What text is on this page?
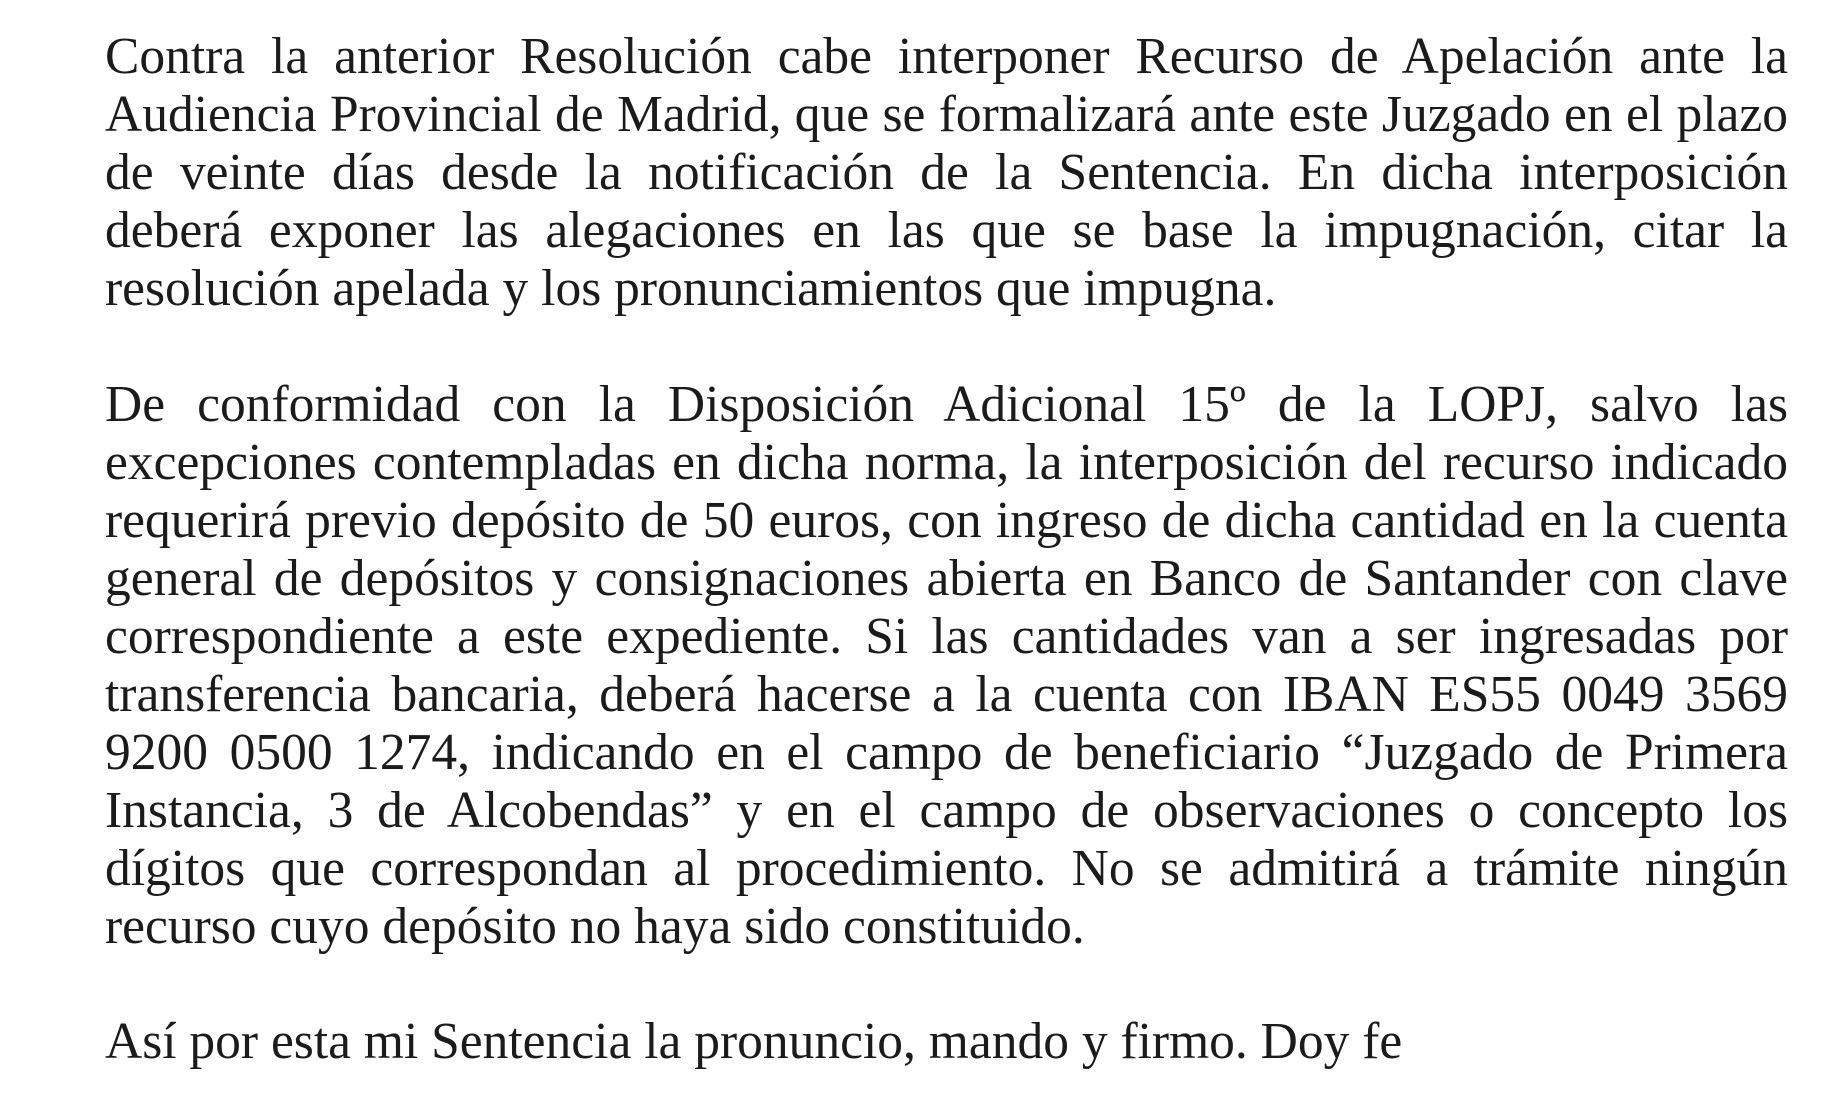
Contra la anterior Resolución cabe interponer Recurso de Apelación ante la Audiencia Provincial de Madrid, que se formalizará ante este Juzgado en el plazo de veinte días desde la notificación de la Sentencia. En dicha interposición deberá exponer las alegaciones en las que se base la impugnación, citar la resolución apelada y los pronunciamientos que impugna.

De conformidad con la Disposición Adicional 15º de la LOPJ, salvo las excepciones contempladas en dicha norma, la interposición del recurso indicado requerirá previo depósito de 50 euros, con ingreso de dicha cantidad en la cuenta general de depósitos y consignaciones abierta en Banco de Santander con clave correspondiente a este expediente. Si las cantidades van a ser ingresadas por transferencia bancaria, deberá hacerse a la cuenta con IBAN ES55 0049 3569 9200 0500 1274, indicando en el campo de beneficiario “Juzgado de Primera Instancia, 3 de Alcobendas” y en el campo de observaciones o concepto los dígitos que correspondan al procedimiento. No se admitirá a trámite ningún recurso cuyo depósito no haya sido constituido.

Así por esta mi Sentencia la pronuncio, mando y firmo. Doy fe
